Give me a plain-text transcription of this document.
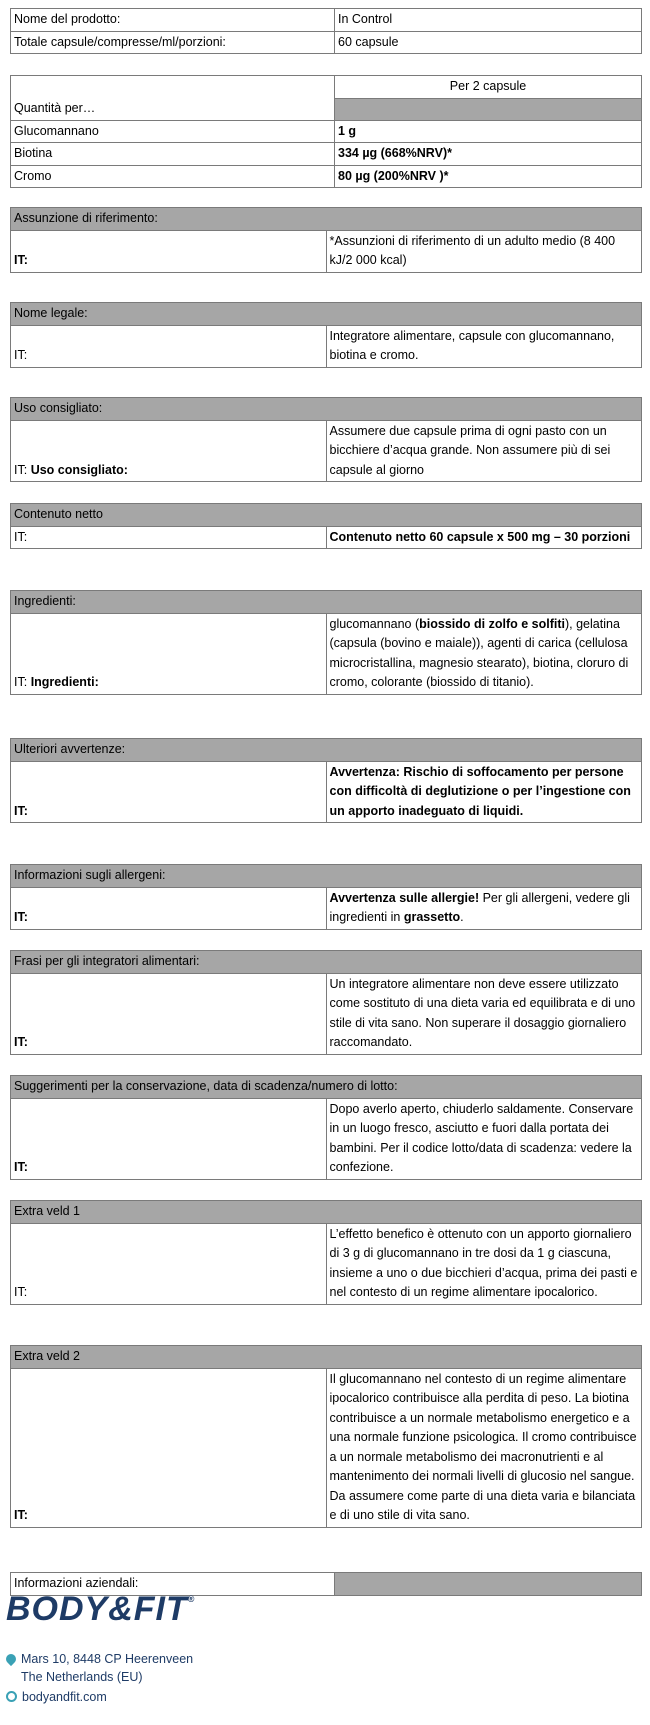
Nome del prodotto:	In Control
Totale capsule/compresse/ml/porzioni:	60 capsule
Quantità per…	Per 2 capsule

Glucomannano	1 g
Biotina	334 µg (668%NRV)*
Cromo	80 µg (200%NRV )*
Assunzione di riferimento:
IT:	*Assunzioni di riferimento di un adulto medio (8 400 kJ/2 000 kcal)
Nome legale:
IT:	Integratore alimentare, capsule con glucomannano, biotina e cromo.
Uso consigliato:
IT: Uso consigliato:	Assumere due capsule prima di ogni pasto con un bicchiere d’acqua grande. Non assumere più di sei capsule al giorno
Contenuto netto
IT:	Contenuto netto 60 capsule x 500 mg – 30 porzioni
Ingredienti:
IT: Ingredienti:	glucomannano (biossido di zolfo e solfiti), gelatina (capsula (bovino e maiale)), agenti di carica (cellulosa microcristallina, magnesio stearato), biotina, cloruro di cromo, colorante (biossido di titanio).
Ulteriori avvertenze:
IT:	Avvertenza: Rischio di soffocamento per persone con difficoltà di deglutizione o per l’ingestione con un apporto inadeguato di liquidi.
Informazioni sugli allergeni:
IT:	Avvertenza sulle allergie! Per gli allergeni, vedere gli ingredienti in grassetto.
Frasi per gli integratori alimentari:
IT:	Un integratore alimentare non deve essere utilizzato come sostituto di una dieta varia ed equilibrata e di uno stile di vita sano. Non superare il dosaggio giornaliero raccomandato.
Suggerimenti per la conservazione, data di scadenza/numero di lotto:
IT:	Dopo averlo aperto, chiuderlo saldamente. Conservare in un luogo fresco, asciutto e fuori dalla portata dei bambini. Per il codice lotto/data di scadenza: vedere la confezione.
Extra veld 1
IT:	L’effetto benefico è ottenuto con un apporto giornaliero di 3 g di glucomannano in tre dosi da 1 g ciascuna, insieme a uno o due bicchieri d’acqua, prima dei pasti e nel contesto di un regime alimentare ipocalorico.
Extra veld 2
IT:	Il glucomannano nel contesto di un regime alimentare ipocalorico contribuisce alla perdita di peso. La biotina contribuisce a un normale metabolismo energetico e a una normale funzione psicologica. Il cromo contribuisce a un normale metabolismo dei macronutrienti e al mantenimento dei normali livelli di glucosio nel sangue. Da assumere come parte di una dieta varia e bilanciata e di uno stile di vita sano.
Informazioni aziendali:	
BODY&FIT®
Mars 10, 8448 CP Heerenveen
The Netherlands (EU)
bodyandfit.com
